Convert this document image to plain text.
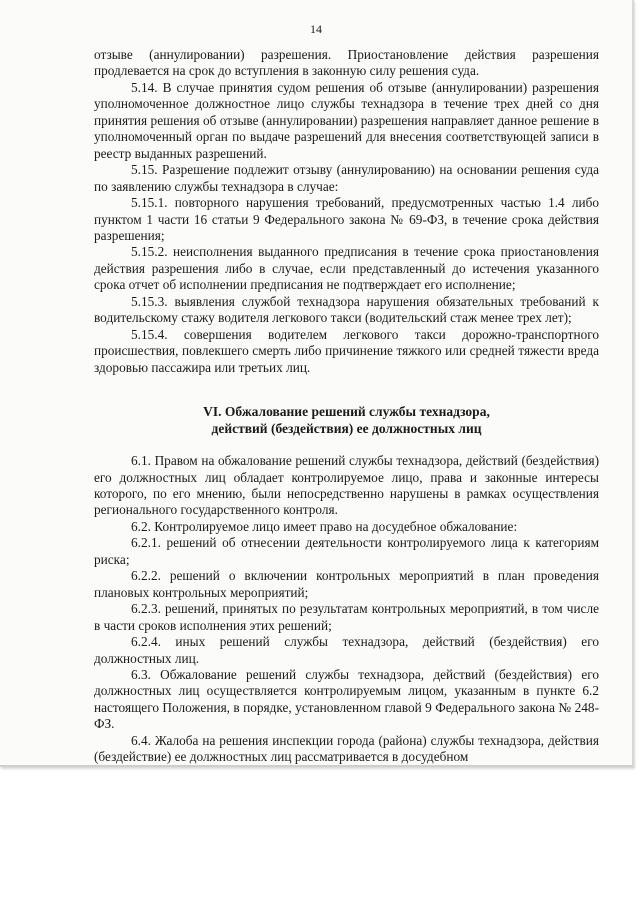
14

отзыве (аннулировании) разрешения. Приостановление действия разрешения продлевается на срок до вступления в законную силу решения суда.

5.14. В случае принятия судом решения об отзыве (аннулировании) разрешения уполномоченное должностное лицо службы технадзора в течение трех дней со дня принятия решения об отзыве (аннулировании) разрешения направляет данное решение в уполномоченный орган по выдаче разрешений для внесения соответствующей записи в реестр выданных разрешений.

5.15. Разрешение подлежит отзыву (аннулированию) на основании решения суда по заявлению службы технадзора в случае:

5.15.1. повторного нарушения требований, предусмотренных частью 1.4 либо пунктом 1 части 16 статьи 9 Федерального закона № 69-ФЗ, в течение срока действия разрешения;

5.15.2. неисполнения выданного предписания в течение срока приостановления действия разрешения либо в случае, если представленный до истечения указанного срока отчет об исполнении предписания не подтверждает его исполнение;

5.15.3. выявления службой технадзора нарушения обязательных требований к водительскому стажу водителя легкового такси (водительский стаж менее трех лет);

5.15.4. совершения водителем легкового такси дорожно-транспортного происшествия, повлекшего смерть либо причинение тяжкого или средней тяжести вреда здоровью пассажира или третьих лиц.

VI. Обжалование решений службы технадзора,
действий (бездействия) ее должностных лиц

6.1. Правом на обжалование решений службы технадзора, действий (бездействия) его должностных лиц обладает контролируемое лицо, права и законные интересы которого, по его мнению, были непосредственно нарушены в рамках осуществления регионального государственного контроля.

6.2. Контролируемое лицо имеет право на досудебное обжалование:

6.2.1. решений об отнесении деятельности контролируемого лица к категориям риска;

6.2.2. решений о включении контрольных мероприятий в план проведения плановых контрольных мероприятий;

6.2.3. решений, принятых по результатам контрольных мероприятий, в том числе в части сроков исполнения этих решений;

6.2.4. иных решений службы технадзора, действий (бездействия) его должностных лиц.

6.3. Обжалование решений службы технадзора, действий (бездействия) его должностных лиц осуществляется контролируемым лицом, указанным в пункте 6.2 настоящего Положения, в порядке, установленном главой 9 Федерального закона № 248-ФЗ.

6.4. Жалоба на решения инспекции города (района) службы технадзора, действия (бездействие) ее должностных лиц рассматривается в досудебном
